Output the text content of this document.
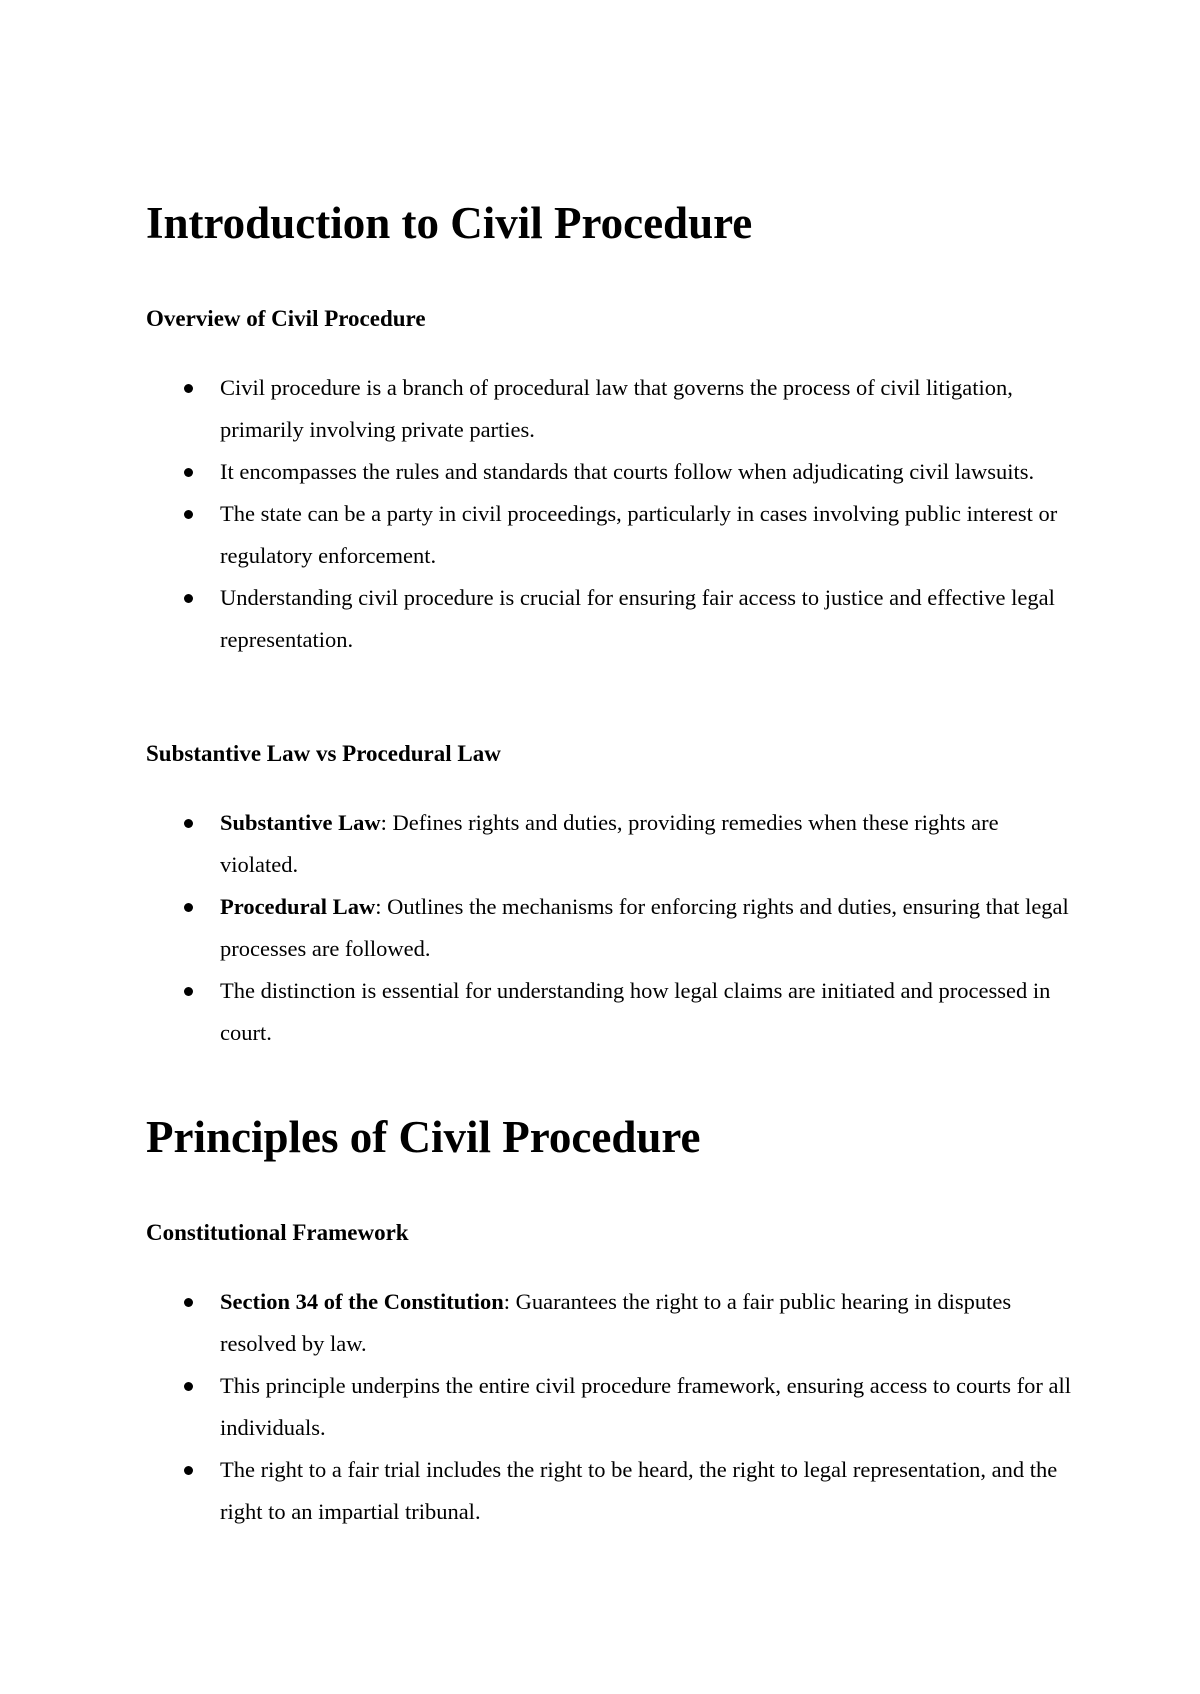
Introduction to Civil Procedure
Overview of Civil Procedure
Civil procedure is a branch of procedural law that governs the process of civil litigation, primarily involving private parties.
It encompasses the rules and standards that courts follow when adjudicating civil lawsuits.
The state can be a party in civil proceedings, particularly in cases involving public interest or regulatory enforcement.
Understanding civil procedure is crucial for ensuring fair access to justice and effective legal representation.
Substantive Law vs Procedural Law
Substantive Law: Defines rights and duties, providing remedies when these rights are violated.
Procedural Law: Outlines the mechanisms for enforcing rights and duties, ensuring that legal processes are followed.
The distinction is essential for understanding how legal claims are initiated and processed in court.
Principles of Civil Procedure
Constitutional Framework
Section 34 of the Constitution: Guarantees the right to a fair public hearing in disputes resolved by law.
This principle underpins the entire civil procedure framework, ensuring access to courts for all individuals.
The right to a fair trial includes the right to be heard, the right to legal representation, and the right to an impartial tribunal.
